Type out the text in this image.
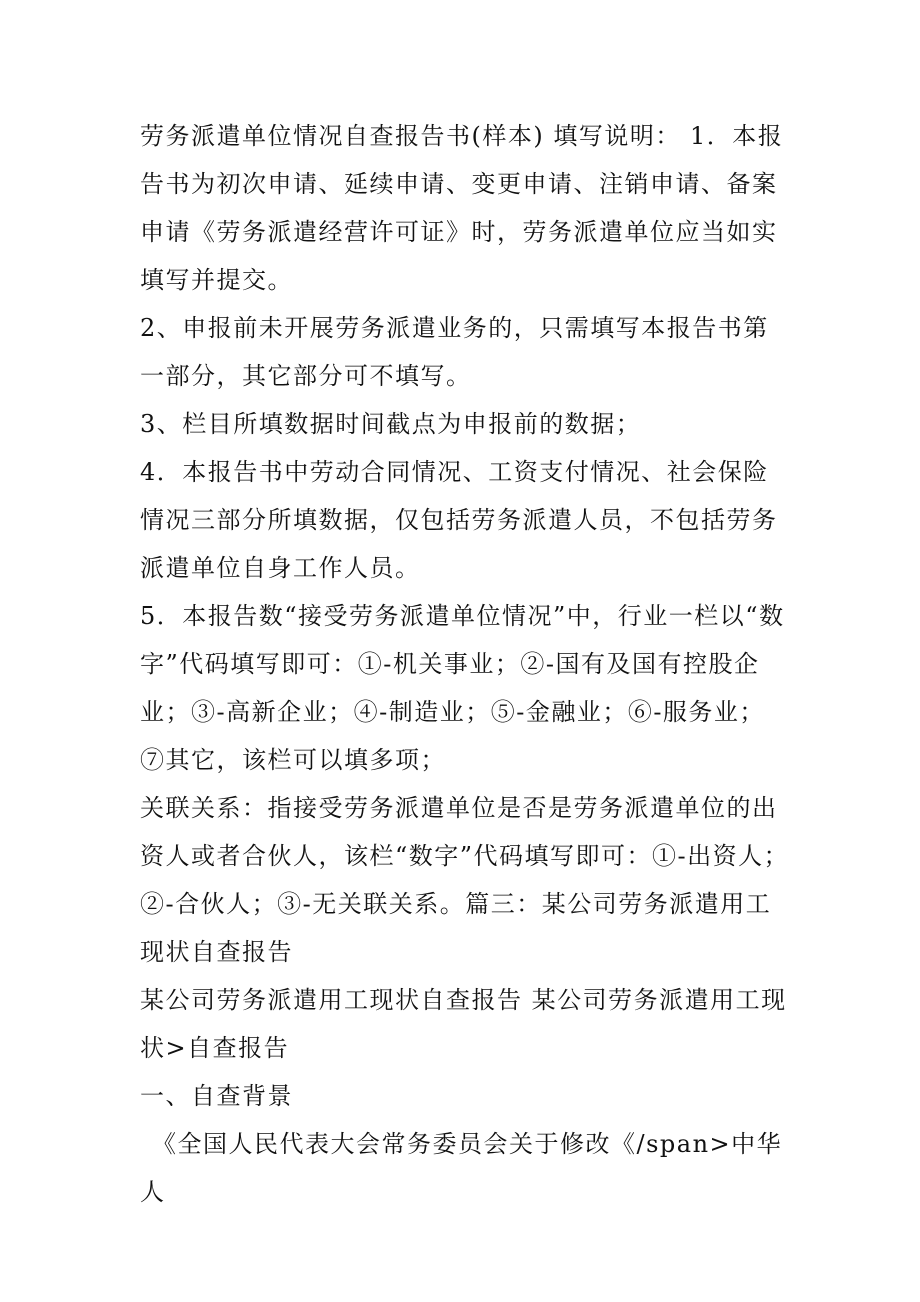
劳务派遣单位情况自查报告书(样本) 填写说明： 1．本报告书为初次申请、延续申请、变更申请、注销申请、备案申请《劳务派遣经营许可证》时，劳务派遣单位应当如实填写并提交。

2、申报前未开展劳务派遣业务的，只需填写本报告书第一部分，其它部分可不填写。

3、栏目所填数据时间截点为申报前的数据；

4．本报告书中劳动合同情况、工资支付情况、社会保险情况三部分所填数据，仅包括劳务派遣人员，不包括劳务派遣单位自身工作人员。

5．本报告数“接受劳务派遣单位情况”中，行业一栏以“数字”代码填写即可：①-机关事业；②-国有及国有控股企业；③-高新企业；④-制造业；⑤-金融业；⑥-服务业；⑦其它，该栏可以填多项；

关联关系：指接受劳务派遣单位是否是劳务派遣单位的出资人或者合伙人，该栏“数字”代码填写即可：①-出资人；②-合伙人；③-无关联关系。篇三：某公司劳务派遣用工现状自查报告

某公司劳务派遣用工现状自查报告 某公司劳务派遣用工现状>自查报告

一、自查背景

《全国人民代表大会常务委员会关于修改《/span>中华人
